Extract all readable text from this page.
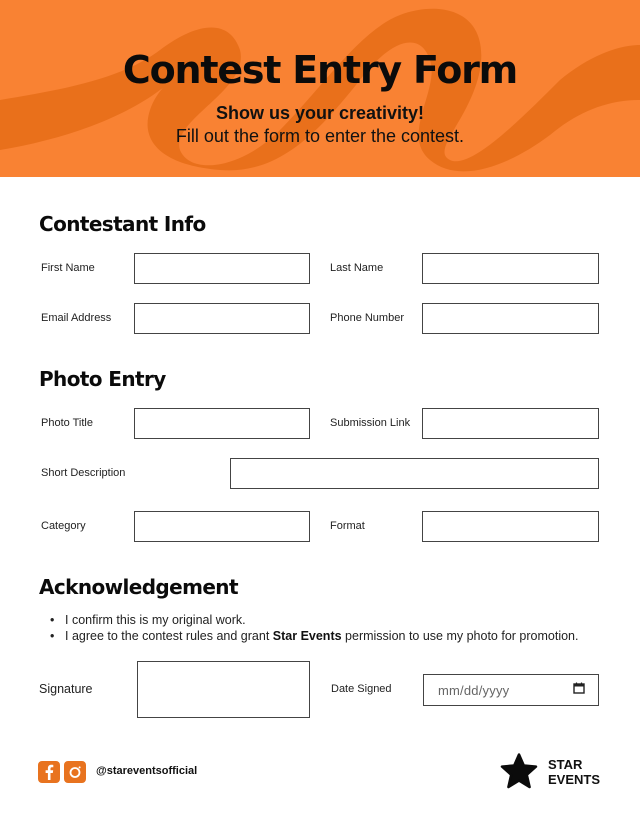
Contest Entry Form
Show us your creativity!
Fill out the form to enter the contest.
Contestant Info
First Name	Last Name
Email Address	Phone Number
Photo Entry
Photo Title	Submission Link
Short Description
Category	Format
Acknowledgement
• I confirm this is my original work.
• I agree to the contest rules and grant Star Events permission to use my photo for promotion.
Signature	Date Signed	mm/dd/yyyy
@stareventsofficial	STAR
EVENTS
